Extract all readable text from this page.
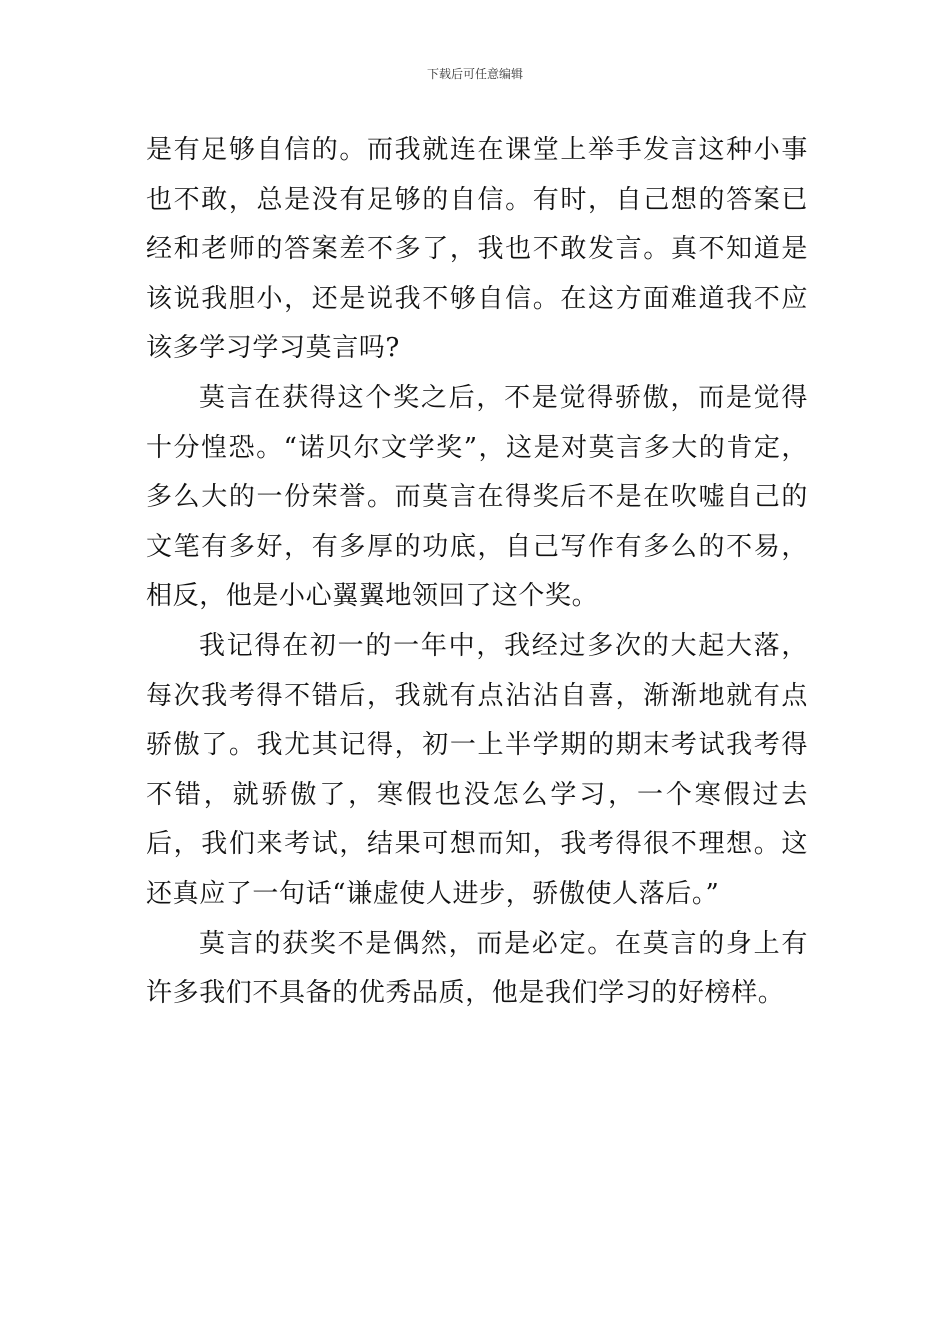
下载后可任意编辑

是有足够自信的。而我就连在课堂上举手发言这种小事也不敢，总是没有足够的自信。有时，自己想的答案已经和老师的答案差不多了，我也不敢发言。真不知道是该说我胆小，还是说我不够自信。在这方面难道我不应该多学习学习莫言吗?

莫言在获得这个奖之后，不是觉得骄傲，而是觉得十分惶恐。“诺贝尔文学奖”，这是对莫言多大的肯定，多么大的一份荣誉。而莫言在得奖后不是在吹嘘自己的文笔有多好，有多厚的功底，自己写作有多么的不易，相反，他是小心翼翼地领回了这个奖。

我记得在初一的一年中，我经过多次的大起大落，每次我考得不错后，我就有点沾沾自喜，渐渐地就有点骄傲了。我尤其记得，初一上半学期的期末考试我考得不错，就骄傲了，寒假也没怎么学习，一个寒假过去后，我们来考试，结果可想而知，我考得很不理想。这还真应了一句话“谦虚使人进步，骄傲使人落后。”

莫言的获奖不是偶然，而是必定。在莫言的身上有许多我们不具备的优秀品质，他是我们学习的好榜样。
